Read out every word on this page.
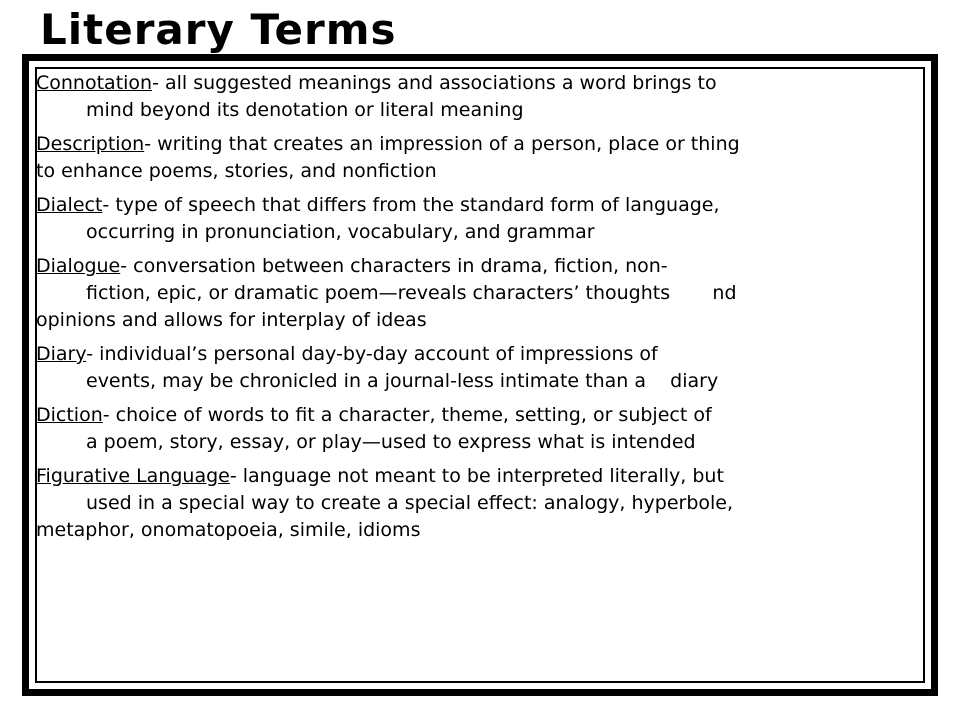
Literary Terms
Connotation- all suggested meanings and associations a word brings to
mind beyond its denotation or literal meaning
Description- writing that creates an impression of a person, place or thing
to enhance poems, stories, and nonfiction
Dialect- type of speech that differs from the standard form of language,
occurring in pronunciation, vocabulary, and grammar
Dialogue- conversation between characters in drama, fiction, non-
fiction, epic, or dramatic poem—reveals characters’ thoughts       nd
opinions and allows for interplay of ideas
Diary- individual’s personal day-by-day account of impressions of
events, may be chronicled in a journal-less intimate than a    diary
Diction- choice of words to fit a character, theme, setting, or subject of
a poem, story, essay, or play—used to express what is intended
Figurative Language- language not meant to be interpreted literally, but
used in a special way to create a special effect: analogy, hyperbole,
metaphor, onomatopoeia, simile, idioms
